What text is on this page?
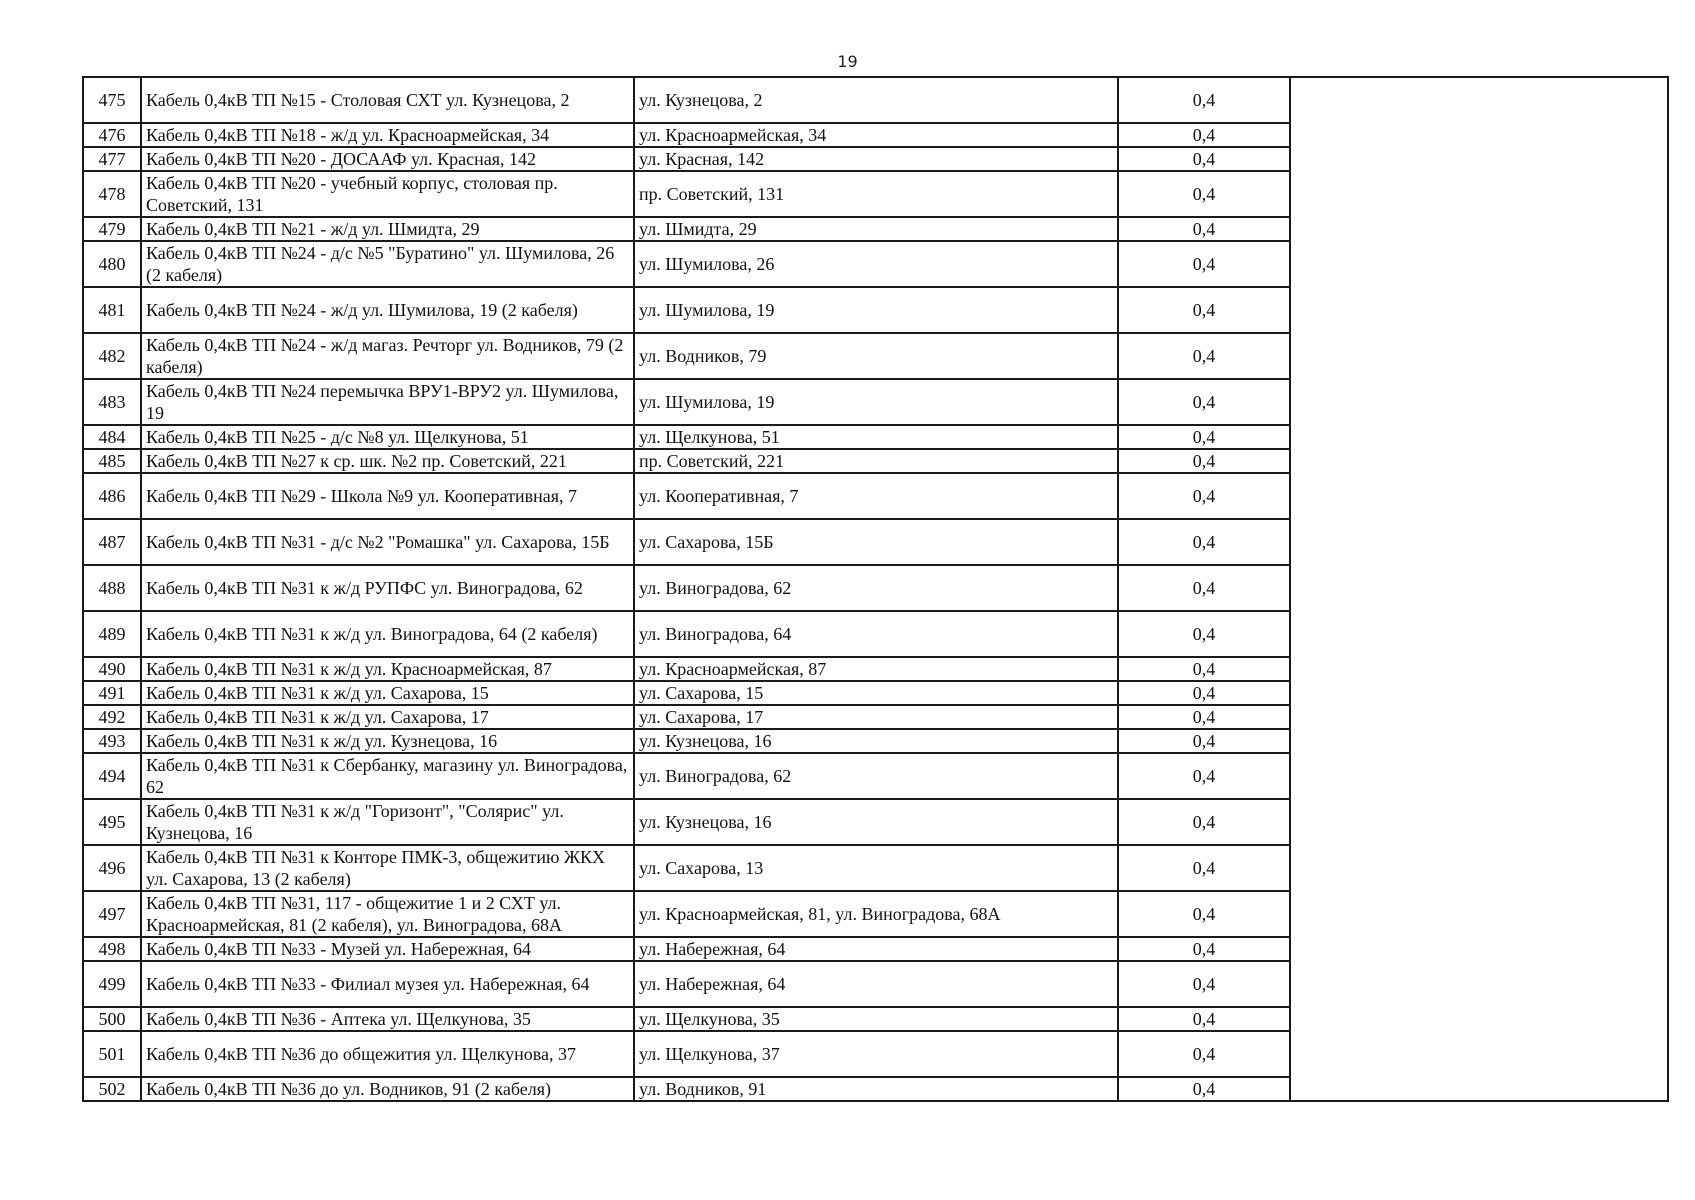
19
475	Кабель 0,4кВ ТП №15 - Столовая СХТ ул. Кузнецова, 2	ул. Кузнецова, 2	0,4	
476	Кабель 0,4кВ ТП №18 - ж/д ул. Красноармейская, 34	ул. Красноармейская, 34	0,4	
477	Кабель 0,4кВ ТП №20 - ДОСААФ ул. Красная, 142	ул. Красная, 142	0,4	
478	Кабель 0,4кВ ТП №20 - учебный корпус, столовая пр. Советский, 131	пр. Советский, 131	0,4	
479	Кабель 0,4кВ ТП №21 - ж/д ул. Шмидта, 29	ул. Шмидта, 29	0,4	
480	Кабель 0,4кВ ТП №24 - д/с №5 "Буратино" ул. Шумилова, 26 (2 кабеля)	ул. Шумилова, 26	0,4	
481	Кабель 0,4кВ ТП №24 - ж/д ул. Шумилова, 19 (2 кабеля)	ул. Шумилова, 19	0,4	
482	Кабель 0,4кВ ТП №24 - ж/д магаз. Речторг ул. Водников, 79 (2 кабеля)	ул. Водников, 79	0,4	
483	Кабель 0,4кВ ТП №24 перемычка ВРУ1-ВРУ2 ул. Шумилова, 19	ул. Шумилова, 19	0,4	
484	Кабель 0,4кВ ТП №25 - д/с №8 ул. Щелкунова, 51	ул. Щелкунова, 51	0,4	
485	Кабель 0,4кВ ТП №27 к ср. шк. №2 пр. Советский, 221	пр. Советский, 221	0,4	
486	Кабель 0,4кВ ТП №29 - Школа №9 ул. Кооперативная, 7	ул. Кооперативная, 7	0,4	
487	Кабель 0,4кВ ТП №31 - д/с №2 "Ромашка" ул. Сахарова, 15Б	ул. Сахарова, 15Б	0,4	
488	Кабель 0,4кВ ТП №31 к ж/д РУПФС ул. Виноградова, 62	ул. Виноградова, 62	0,4	
489	Кабель 0,4кВ ТП №31 к ж/д ул. Виноградова, 64 (2 кабеля)	ул. Виноградова, 64	0,4	
490	Кабель 0,4кВ ТП №31 к ж/д ул. Красноармейская, 87	ул. Красноармейская, 87	0,4	
491	Кабель 0,4кВ ТП №31 к ж/д ул. Сахарова, 15	ул. Сахарова, 15	0,4	
492	Кабель 0,4кВ ТП №31 к ж/д ул. Сахарова, 17	ул. Сахарова, 17	0,4	
493	Кабель 0,4кВ ТП №31 к ж/д ул. Кузнецова, 16	ул. Кузнецова, 16	0,4	
494	Кабель 0,4кВ ТП №31 к Сбербанку, магазину ул. Виноградова, 62	ул. Виноградова, 62	0,4	
495	Кабель 0,4кВ ТП №31 к ж/д "Горизонт", "Солярис" ул. Кузнецова, 16	ул. Кузнецова, 16	0,4	
496	Кабель 0,4кВ ТП №31 к Конторе ПМК-3, общежитию ЖКХ ул. Сахарова, 13 (2 кабеля)	ул. Сахарова, 13	0,4	
497	Кабель 0,4кВ ТП №31, 117 - общежитие 1 и 2 СХТ ул. Красноармейская, 81 (2 кабеля), ул. Виноградова, 68А	ул. Красноармейская, 81, ул. Виноградова, 68А	0,4	
498	Кабель 0,4кВ ТП №33 - Музей ул. Набережная, 64	ул. Набережная, 64	0,4	
499	Кабель 0,4кВ ТП №33 - Филиал музея ул. Набережная, 64	ул. Набережная, 64	0,4	
500	Кабель 0,4кВ ТП №36 - Аптека ул. Щелкунова, 35	ул. Щелкунова, 35	0,4	
501	Кабель 0,4кВ ТП №36 до общежития ул. Щелкунова, 37	ул. Щелкунова, 37	0,4	
502	Кабель 0,4кВ ТП №36 до ул. Водников, 91 (2 кабеля)	ул. Водников, 91	0,4	
